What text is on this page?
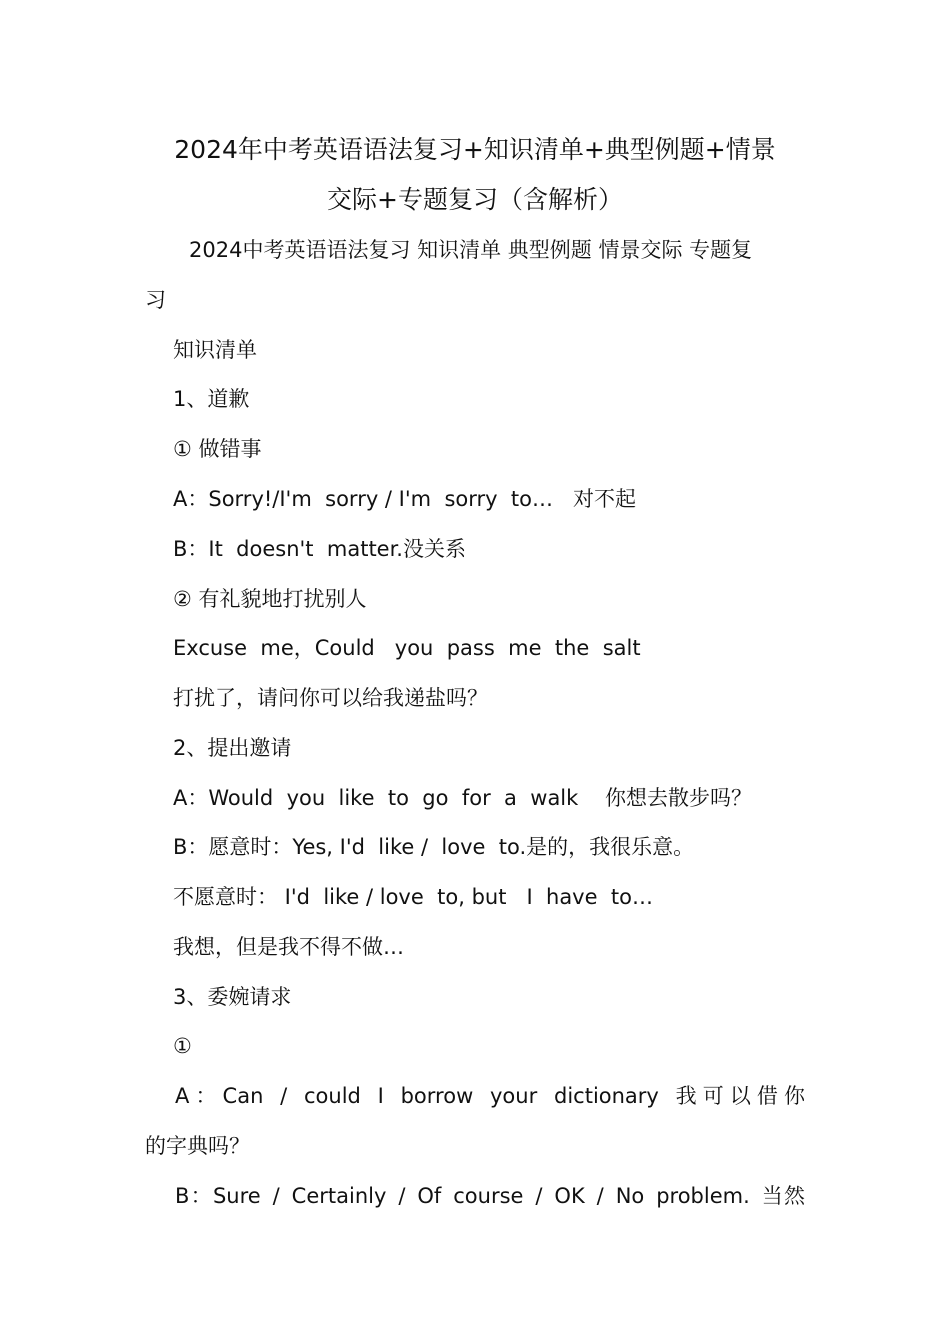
2024年中考英语语法复习+知识清单+典型例题+情景
交际+专题复习（含解析）

2024中考英语语法复习 知识清单 典型例题 情景交际 专题复

习

知识清单

1、道歉

① 做错事

A：Sorry!/I'm  sorry / I'm  sorry  to…   对不起

B：It  doesn't  matter.没关系

② 有礼貌地打扰别人

Excuse  me，Could   you  pass  me  the  salt

打扰了，请问你可以给我递盐吗？

2、提出邀请

A：Would  you  like  to  go  for  a  walk    你想去散步吗？

B：愿意时：Yes, I'd  like /  love  to.是的，我很乐意。

不愿意时： I'd  like / love  to, but   I  have  to…

我想，但是我不得不做…

3、委婉请求

①

A：Can / could I borrow your dictionary 我可以借你

的字典吗？

B：Sure / Certainly / Of course / OK / No problem. 当然
